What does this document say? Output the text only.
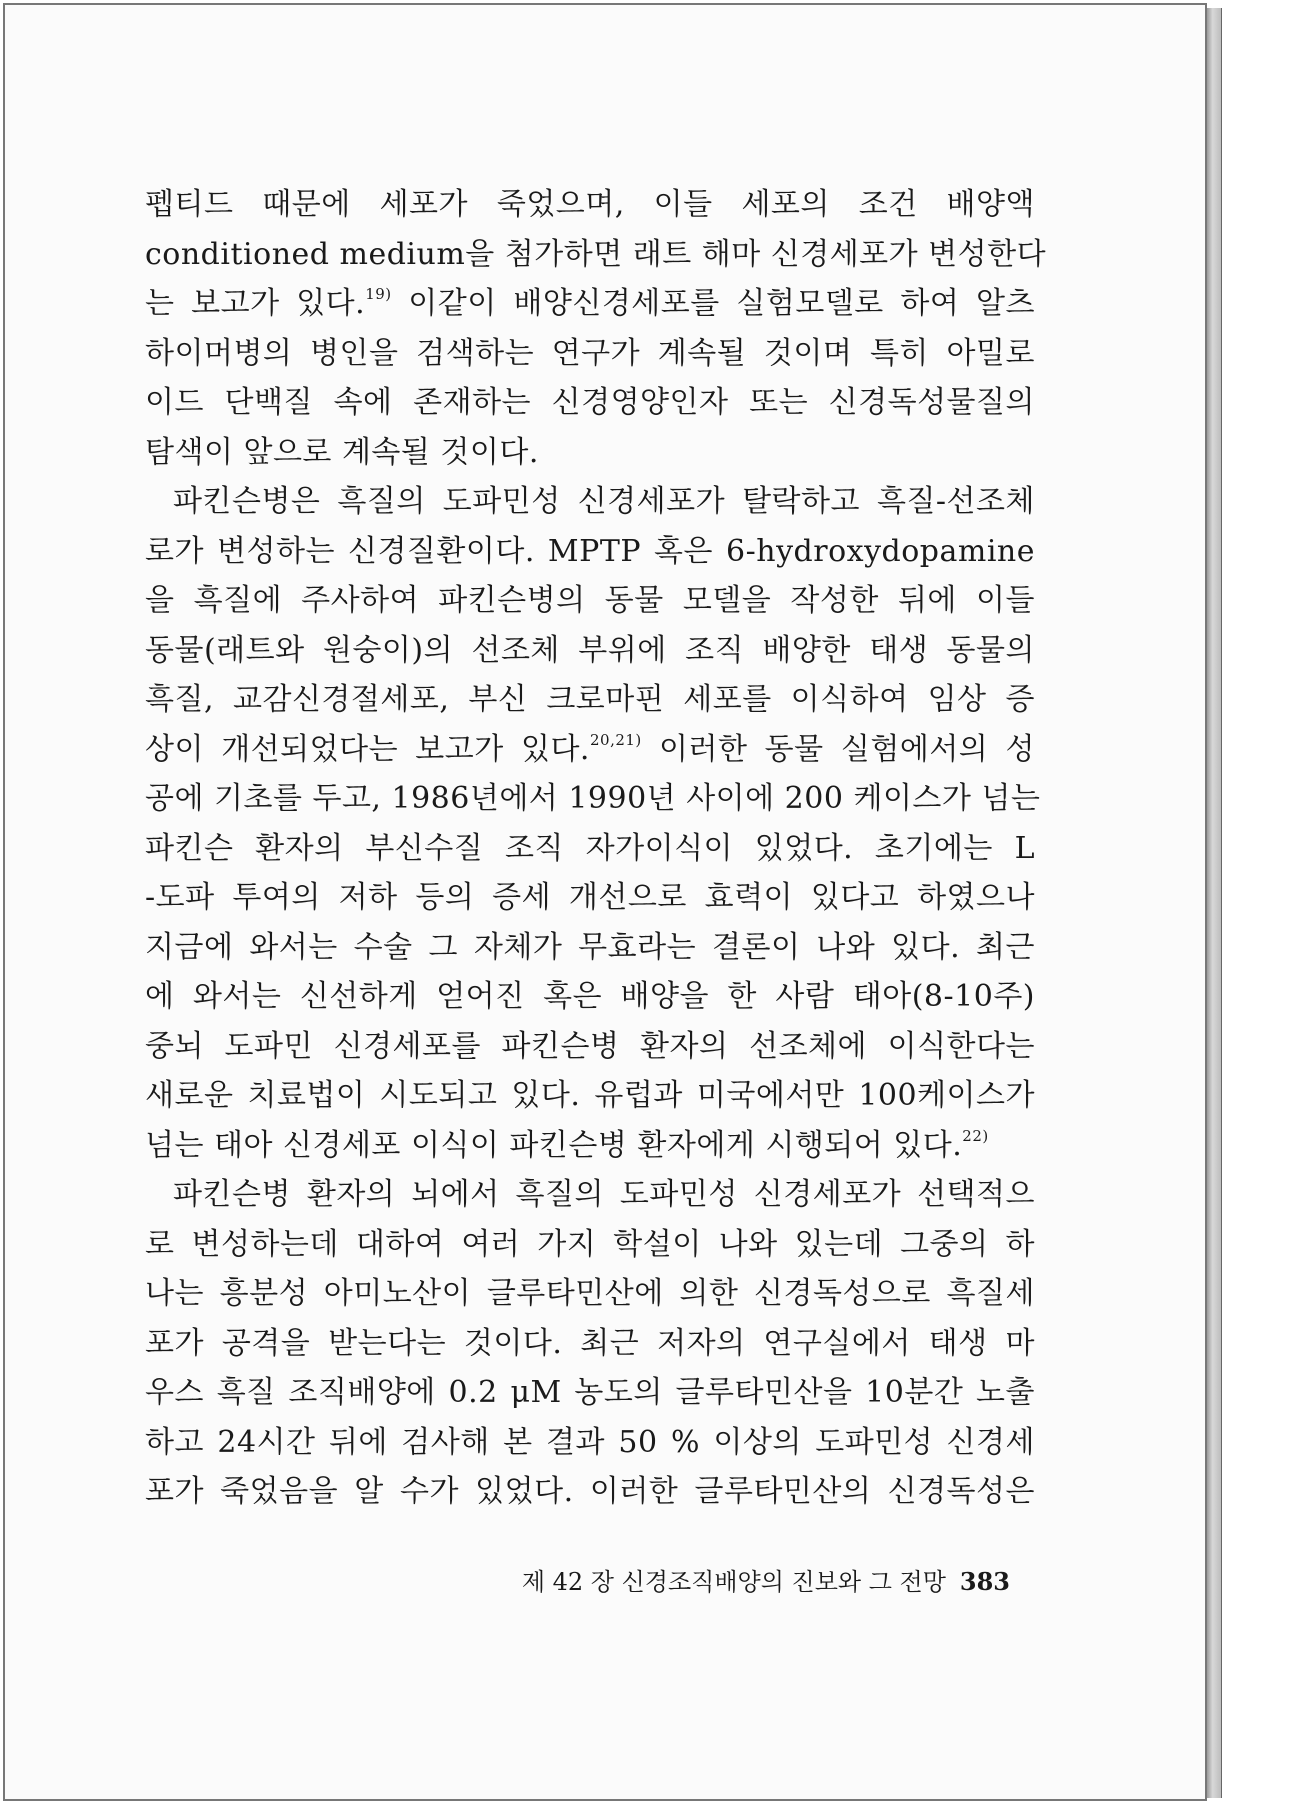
펩티드 때문에 세포가 죽었으며, 이들 세포의 조건 배양액
conditioned medium을 첨가하면 래트 해마 신경세포가 변성한다
는 보고가 있다.$^{19)}$ 이같이 배양신경세포를 실험모델로 하여 알츠
하이머병의 병인을 검색하는 연구가 계속될 것이며 특히 아밀로
이드 단백질 속에 존재하는 신경영양인자 또는 신경독성물질의
탐색이 앞으로 계속될 것이다.
파킨슨병은 흑질의 도파민성 신경세포가 탈락하고 흑질-선조체
로가 변성하는 신경질환이다. MPTP 혹은 6-hydroxydopamine
을 흑질에 주사하여 파킨슨병의 동물 모델을 작성한 뒤에 이들
동물(래트와 원숭이)의 선조체 부위에 조직 배양한 태생 동물의
흑질, 교감신경절세포, 부신 크로마핀 세포를 이식하여 임상 증
상이 개선되었다는 보고가 있다.$^{20,21)}$ 이러한 동물 실험에서의 성
공에 기초를 두고, 1986년에서 1990년 사이에 200 케이스가 넘는
파킨슨 환자의 부신수질 조직 자가이식이 있었다. 초기에는 L
-도파 투여의 저하 등의 증세 개선으로 효력이 있다고 하였으나
지금에 와서는 수술 그 자체가 무효라는 결론이 나와 있다. 최근
에 와서는 신선하게 얻어진 혹은 배양을 한 사람 태아(8-10주)
중뇌 도파민 신경세포를 파킨슨병 환자의 선조체에 이식한다는
새로운 치료법이 시도되고 있다. 유럽과 미국에서만 100케이스가
넘는 태아 신경세포 이식이 파킨슨병 환자에게 시행되어 있다.$^{22)}$
파킨슨병 환자의 뇌에서 흑질의 도파민성 신경세포가 선택적으
로 변성하는데 대하여 여러 가지 학설이 나와 있는데 그중의 하
나는 흥분성 아미노산이 글루타민산에 의한 신경독성으로 흑질세
포가 공격을 받는다는 것이다. 최근 저자의 연구실에서 태생 마
우스 흑질 조직배양에 0.2 μM 농도의 글루타민산을 10분간 노출
하고 24시간 뒤에 검사해 본 결과 50 % 이상의 도파민성 신경세
포가 죽었음을 알 수가 있었다. 이러한 글루타민산의 신경독성은
제 42 장 신경조직배양의 진보와 그 전망 383
